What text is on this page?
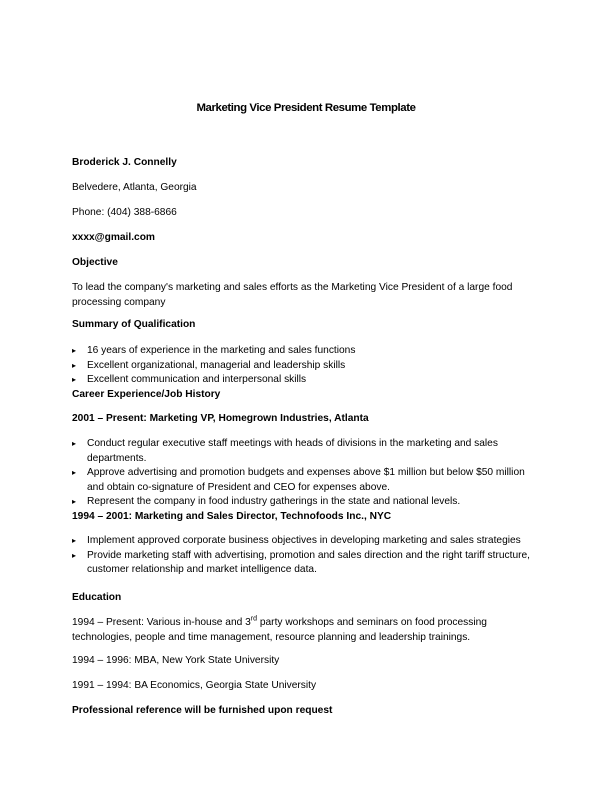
Marketing Vice President Resume Template
Broderick J. Connelly
Belvedere, Atlanta, Georgia
Phone: (404) 388-6866
xxxx@gmail.com
Objective
To lead the company's marketing and sales efforts as the Marketing Vice President of a large food processing company
Summary of Qualification
▸ 16 years of experience in the marketing and sales functions
▸ Excellent organizational, managerial and leadership skills
▸ Excellent communication and interpersonal skills
Career Experience/Job History
2001 – Present: Marketing VP, Homegrown Industries, Atlanta
▸ Conduct regular executive staff meetings with heads of divisions in the marketing and sales departments.
▸ Approve advertising and promotion budgets and expenses above $1 million but below $50 million and obtain co-signature of President and CEO for expenses above.
▸ Represent the company in food industry gatherings in the state and national levels.
1994 – 2001: Marketing and Sales Director, Technofoods Inc., NYC
▸ Implement approved corporate business objectives in developing marketing and sales strategies
▸ Provide marketing staff with advertising, promotion and sales direction and the right tariff structure, customer relationship and market intelligence data.
Education
1994 – Present: Various in-house and 3rd party workshops and seminars on food processing technologies, people and time management, resource planning and leadership trainings.
1994 – 1996: MBA, New York State University
1991 – 1994: BA Economics, Georgia State University
Professional reference will be furnished upon request
